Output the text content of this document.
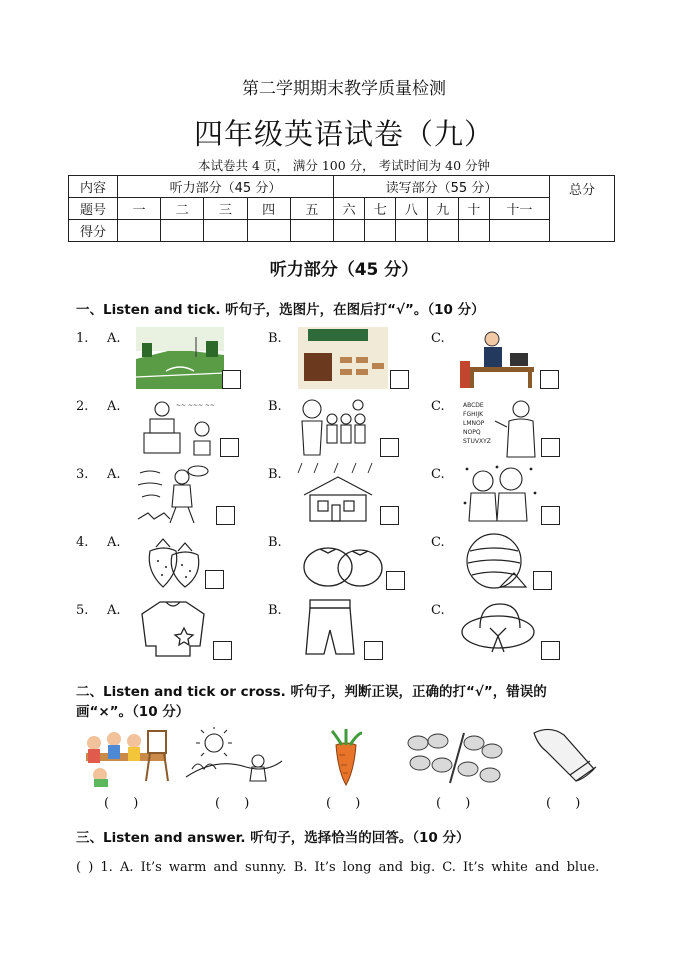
第二学期期末教学质量检测
四年级英语试卷（九）
本试卷共 4 页， 满分 100 分， 考试时间为 40 分钟
内容	听力部分（45 分）					读写部分（55 分）						总分
题号	一	二	三	四	五	六	七	八	九	十	十一	
得分												
听力部分（45 分）
一、Listen and tick. 听句子，选图片，在图后打“√”。（10 分）
1. A.	B.	C.
2. A.	B.	C.
3. A.	B.	C.
4. A.	B.	C.
5. A.	B.	C.
~~ ~~~ ~~	ABCDE
FGHIJK
LMNOP
NOPQ
STUVXYZ
二、Listen and tick or cross. 听句子，判断正误，正确的打“√”，错误的
画“×”。（10 分）
( )	( )	( )	( )	( )
三、Listen and answer. 听句子，选择恰当的回答。（10 分）
( ) 1. A. It’s warm and sunny. B. It’s long and big. C. It’s white and blue.
